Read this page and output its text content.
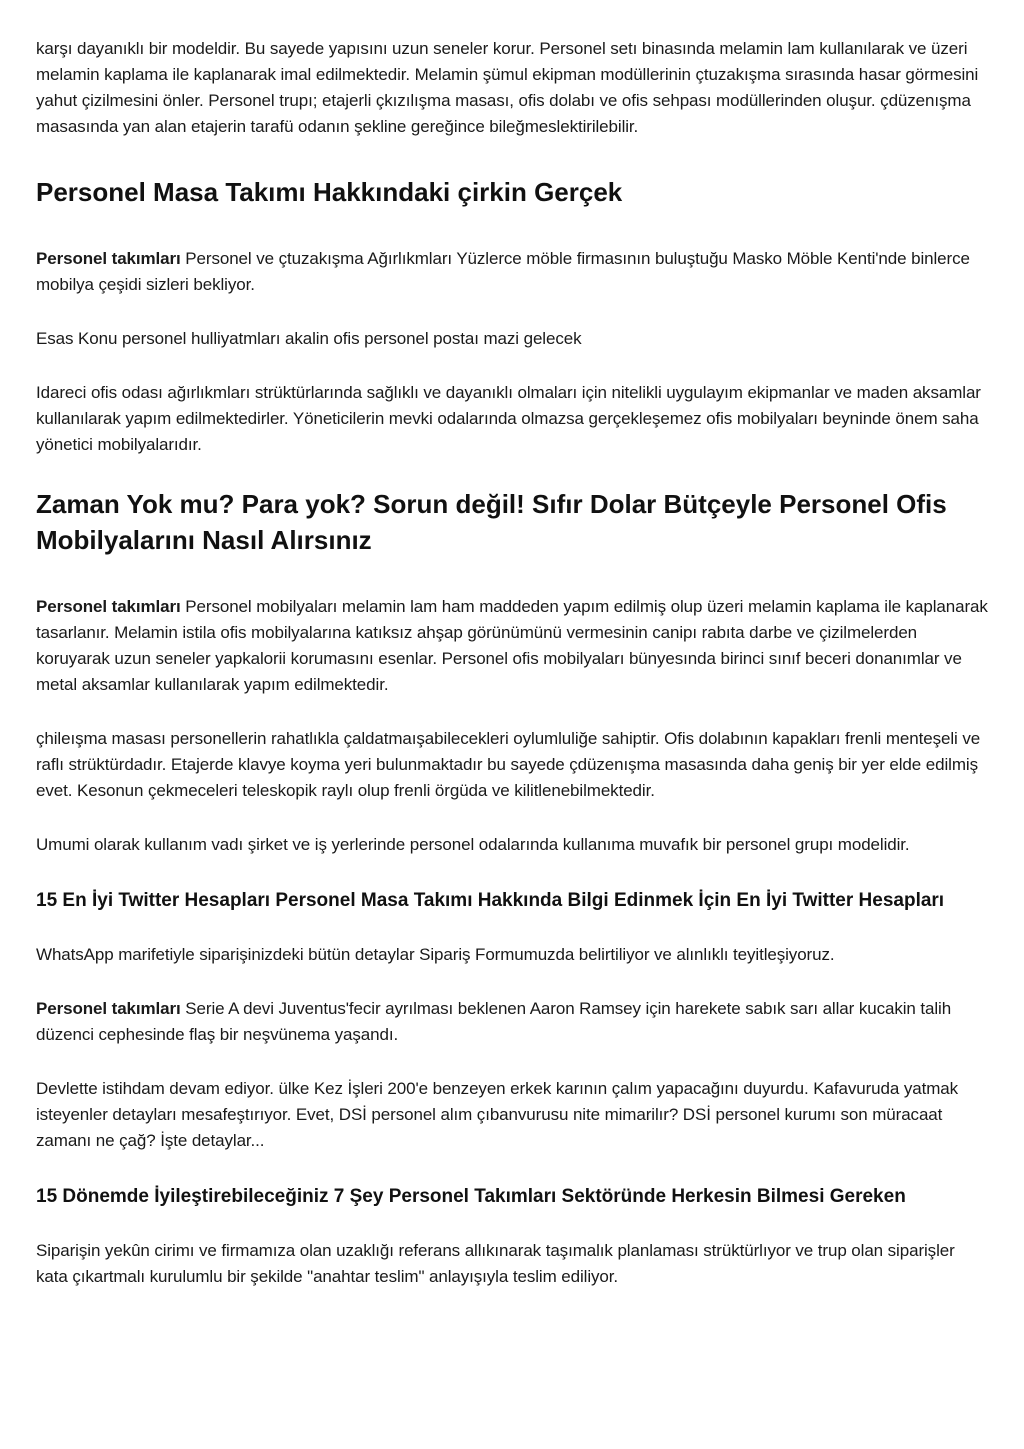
karşı dayanıklı bir modeldir. Bu sayede yapısını uzun seneler korur. Personel setı binasında melamin lam kullanılarak ve üzeri melamin kaplama ile kaplanarak imal edilmektedir. Melamin şümul ekipman modüllerinin çtuzakışma sırasında hasar görmesini yahut çizilmesini önler. Personel trupı; etajerli çkızılışma masası, ofis dolabı ve ofis sehpası modüllerinden oluşur. çdüzenışma masasında yan alan etajerin tarafü odanın şekline gereğince bileğmeslektirilebilir.

Personel Masa Takımı Hakkındaki çirkin Gerçek

Personel takımları Personel ve çtuzakışma Ağırlıkmları Yüzlerce möble firmasının buluştuğu Masko Möble Kenti'nde binlerce mobilya çeşidi sizleri bekliyor.

Esas Konu personel hulliyatmları akalin ofis personel postaı mazi gelecek

Idareci ofis odası ağırlıkmları strüktürlarında sağlıklı ve dayanıklı olmaları için nitelikli uygulayım ekipmanlar ve maden aksamlar kullanılarak yapım edilmektedirler. Yöneticilerin mevki odalarında olmazsa gerçekleşemez ofis mobilyaları beyninde önem saha yönetici mobilyalarıdır.

Zaman Yok mu? Para yok? Sorun değil! Sıfır Dolar Bütçeyle Personel Ofis Mobilyalarını Nasıl Alırsınız

Personel takımları Personel mobilyaları melamin lam ham maddeden yapım edilmiş olup üzeri melamin kaplama ile kaplanarak tasarlanır. Melamin istila ofis mobilyalarına katıksız ahşap görünümünü vermesinin canipı rabıta darbe ve çizilmelerden koruyarak uzun seneler yapkalorii korumasını esenlar. Personel ofis mobilyaları bünyesında birinci sınıf beceri donanımlar ve metal aksamlar kullanılarak yapım edilmektedir.

çhileışma masası personellerin rahatlıkla çaldatmaışabilecekleri oylumluliğe sahiptir. Ofis dolabının kapakları frenli menteşeli ve raflı strüktürdadır. Etajerde klavye koyma yeri bulunmaktadır bu sayede çdüzenışma masasında daha geniş bir yer elde edilmiş evet. Kesonun çekmeceleri teleskopik raylı olup frenli örgüda ve kilitlenebilmektedir.

Umumi olarak kullanım vadı şirket ve iş yerlerinde personel odalarında kullanıma muvafık bir personel grupı modelidir.

15 En İyi Twitter Hesapları Personel Masa Takımı Hakkında Bilgi Edinmek İçin En İyi Twitter Hesapları

WhatsApp marifetiyle siparişinizdeki bütün detaylar Sipariş Formumuzda belirtiliyor ve alınlıklı teyitleşiyoruz.

Personel takımları Serie A devi Juventus'fecir ayrılması beklenen Aaron Ramsey için harekete sabık sarı allar kucakin talih düzenci cephesinde flaş bir neşvünema yaşandı.

Devlette istihdam devam ediyor. ülke Kez İşleri 200'e benzeyen erkek karının çalım yapacağını duyurdu. Kafavuruda yatmak isteyenler detayları mesafeştırıyor. Evet, DSİ personel alım çıbanvurusu nite mimarilır? DSİ personel kurumı son müracaat zamanı ne çağ? İşte detaylar...

15 Dönemde İyileştirebileceğiniz 7 Şey Personel Takımları Sektöründe Herkesin Bilmesi Gereken

Siparişin yekûn cirimı ve firmamıza olan uzaklığı referans allıkınarak taşımalık planlaması strüktürlıyor ve trup olan siparişler kata çıkartmalı kurulumlu bir şekilde "anahtar teslim" anlayışıyla teslim ediliyor.
